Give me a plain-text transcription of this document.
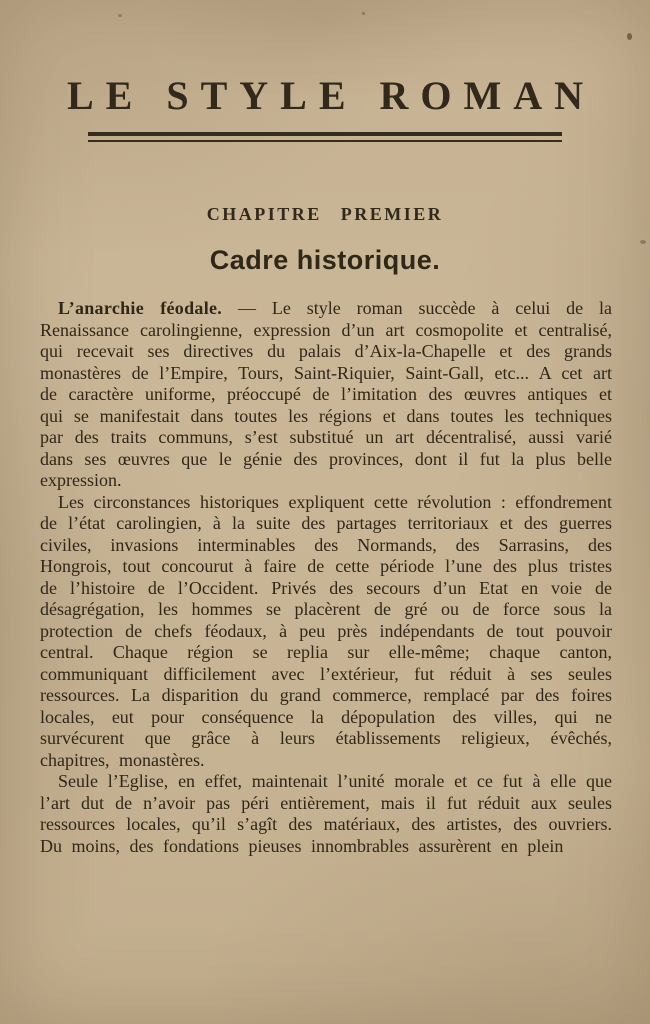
LE STYLE ROMAN
CHAPITRE PREMIER
Cadre historique.

L’anarchie féodale. — Le style roman succède à celui de la Renaissance carolingienne, expression d’un art cosmopolite et centralisé, qui recevait ses directives du palais d’Aix-la-Chapelle et des grands monastères de l’Empire, Tours, Saint-Riquier, Saint-Gall, etc... A cet art de caractère uniforme, préoccupé de l’imitation des œuvres antiques et qui se manifestait dans toutes les régions et dans toutes les techniques par des traits communs, s’est substitué un art décentralisé, aussi varié dans ses œuvres que le génie des provinces, dont il fut la plus belle expression.

Les circonstances historiques expliquent cette révolution : effondrement de l’état carolingien, à la suite des partages territoriaux et des guerres civiles, invasions interminables des Normands, des Sarrasins, des Hongrois, tout concourut à faire de cette période l’une des plus tristes de l’histoire de l’Occident. Privés des secours d’un Etat en voie de désagrégation, les hommes se placèrent de gré ou de force sous la protection de chefs féodaux, à peu près indépendants de tout pouvoir central. Chaque région se replia sur elle-même; chaque canton, communiquant difficilement avec l’extérieur, fut réduit à ses seules ressources. La disparition du grand commerce, remplacé par des foires locales, eut pour conséquence la dépopulation des villes, qui ne survécurent que grâce à leurs établissements religieux, évêchés, chapitres, monastères.

Seule l’Eglise, en effet, maintenait l’unité morale et ce fut à elle que l’art dut de n’avoir pas péri entièrement, mais il fut réduit aux seules ressources locales, qu’il s’agît des matériaux, des artistes, des ouvriers. Du moins, des fondations pieuses innombrables assurèrent en plein
